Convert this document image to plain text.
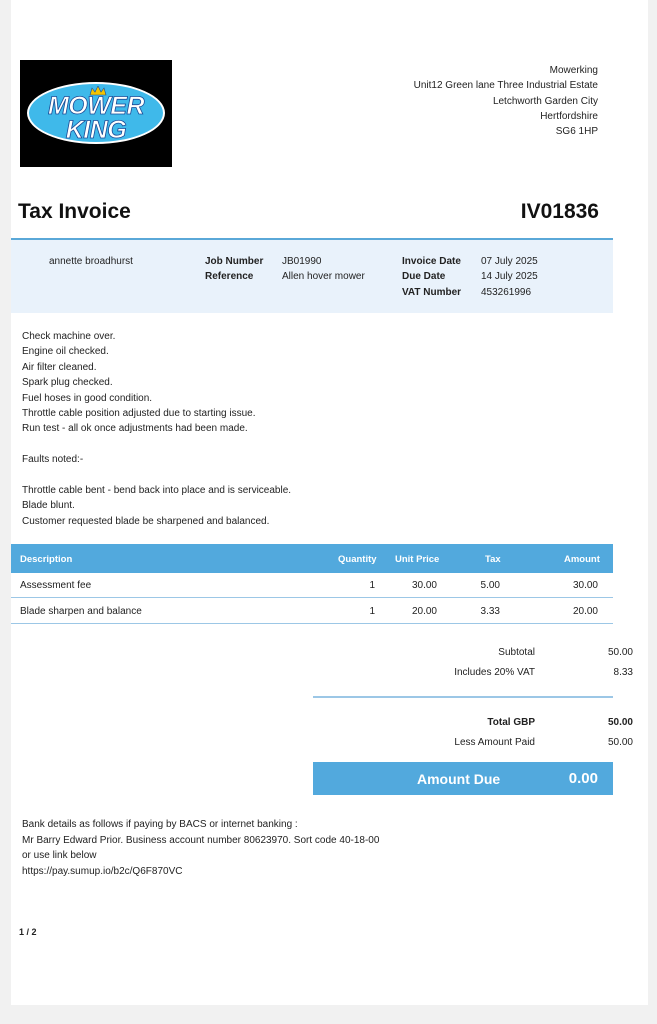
MOWER
KING
Mowerking
Unit12 Green lane Three Industrial Estate
Letchworth Garden City
Hertfordshire
SG6 1HP
Tax Invoice	IV01836
annette broadhurst	Job Number JB01990
Reference	Allen hover mower
Invoice Date 07 July 2025
Due Date	14 July 2025
VAT Number 453261996
Check machine over.
Engine oil checked.
Air filter cleaned.
Spark plug checked.
Fuel hoses in good condition.
Throttle cable position adjusted due to starting issue.
Run test - all ok once adjustments had been made.
Faults noted:-
Throttle cable bent - bend back into place and is serviceable.
Blade blunt.
Customer requested blade be sharpened and balanced.
Description	Quantity Unit Price	Tax	Amount
Assessment fee	1	30.00	5.00	30.00
Blade sharpen and balance	1	20.00	3.33	20.00
Subtotal	50.00
Includes 20% VAT	8.33
Total GBP	50.00
Less Amount Paid	50.00
Amount Due	0.00
Bank details as follows if paying by BACS or internet banking :
Mr Barry Edward Prior. Business account number 80623970. Sort code 40-18-00
or use link below
https://pay.sumup.io/b2c/Q6F870VC
1 / 2
